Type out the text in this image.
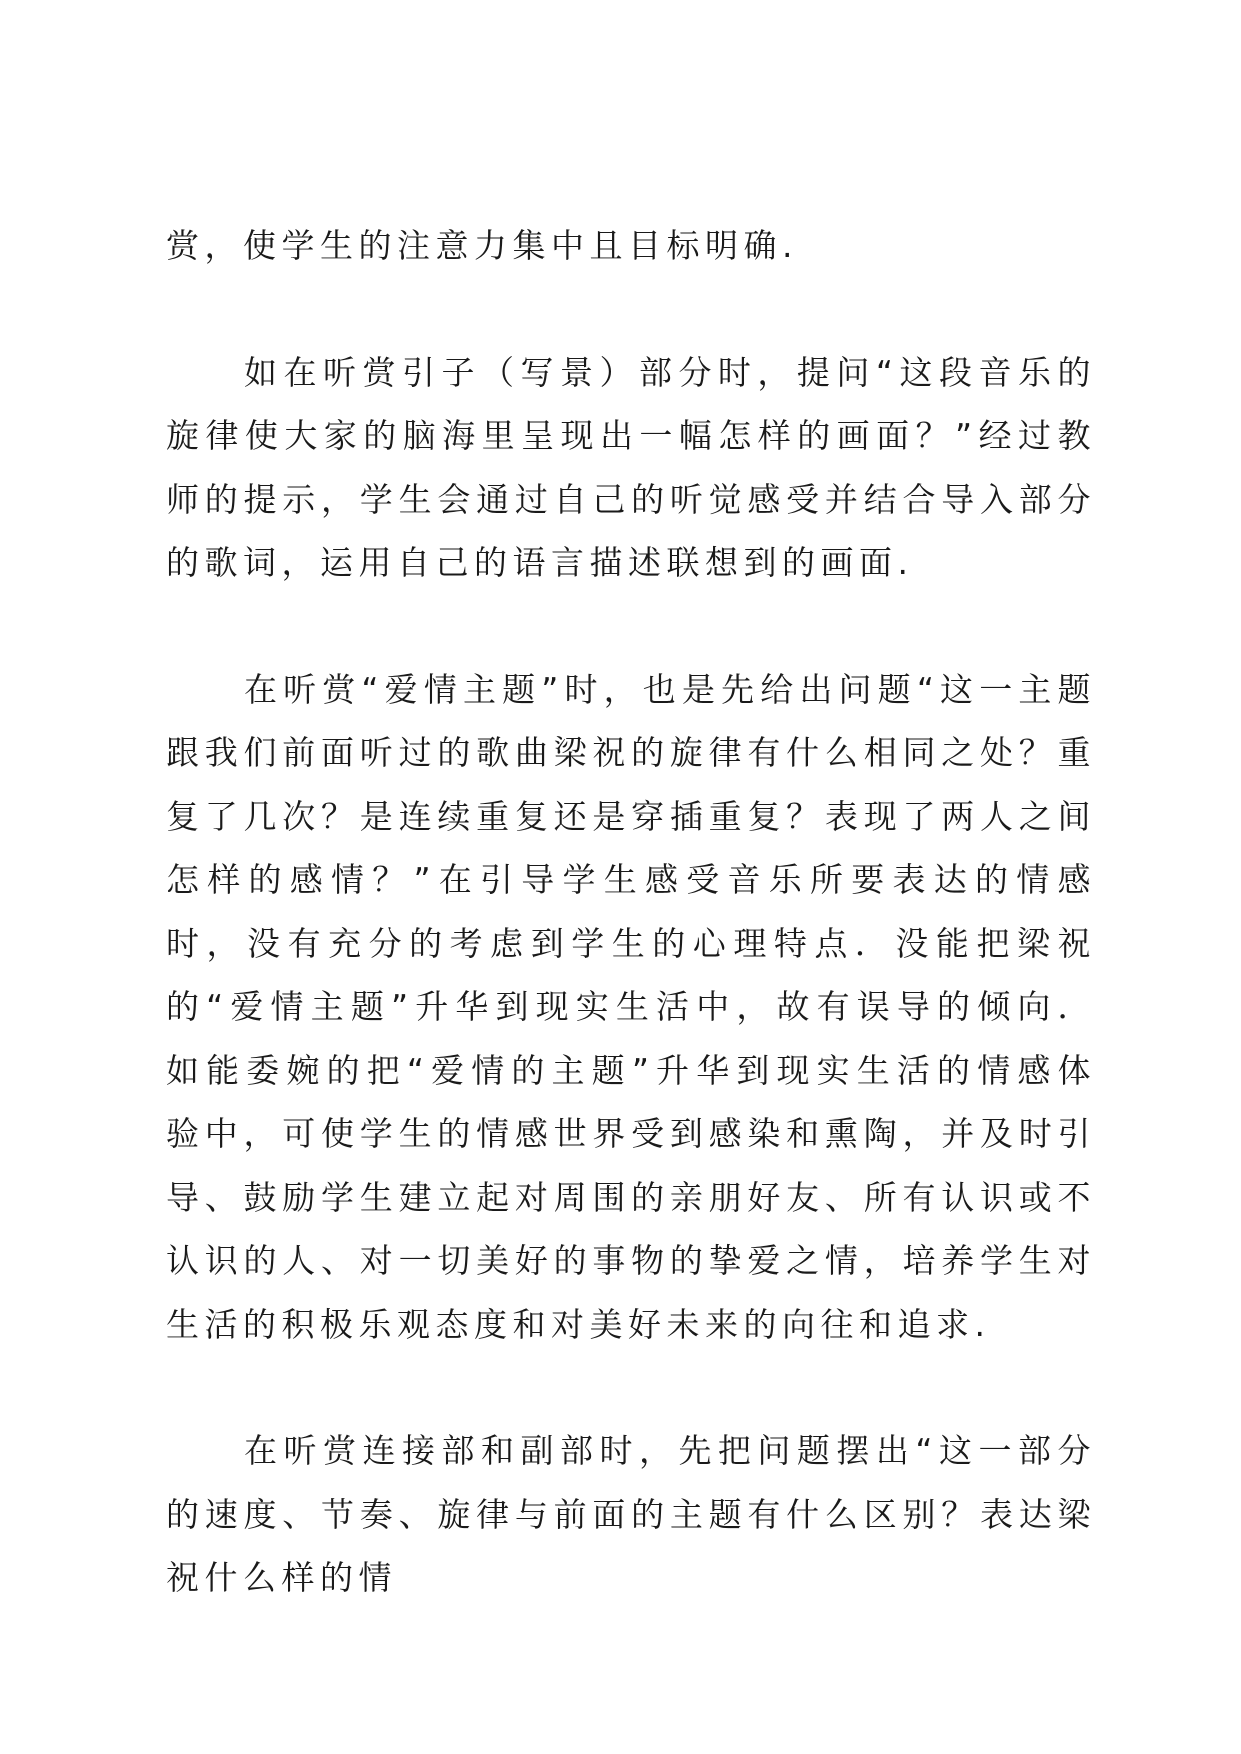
赏，使学生的注意力集中且目标明确.

如在听赏引子（写景）部分时，提问“这段音乐的旋律使大家的脑海里呈现出一幅怎样的画面？”经过教师的提示，学生会通过自己的听觉感受并结合导入部分的歌词，运用自己的语言描述联想到的画面.

在听赏“爱情主题”时，也是先给出问题“这一主题跟我们前面听过的歌曲梁祝的旋律有什么相同之处？重复了几次？是连续重复还是穿插重复？表现了两人之间怎样的感情？”在引导学生感受音乐所要表达的情感时，没有充分的考虑到学生的心理特点．没能把梁祝的“爱情主题”升华到现实生活中，故有误导的倾向．如能委婉的把“爱情的主题”升华到现实生活的情感体验中，可使学生的情感世界受到感染和熏陶，并及时引导、鼓励学生建立起对周围的亲朋好友、所有认识或不认识的人、对一切美好的事物的挚爱之情，培养学生对生活的积极乐观态度和对美好未来的向往和追求.

在听赏连接部和副部时，先把问题摆出“这一部分的速度、节奏、旋律与前面的主题有什么区别？表达梁祝什么样的情
